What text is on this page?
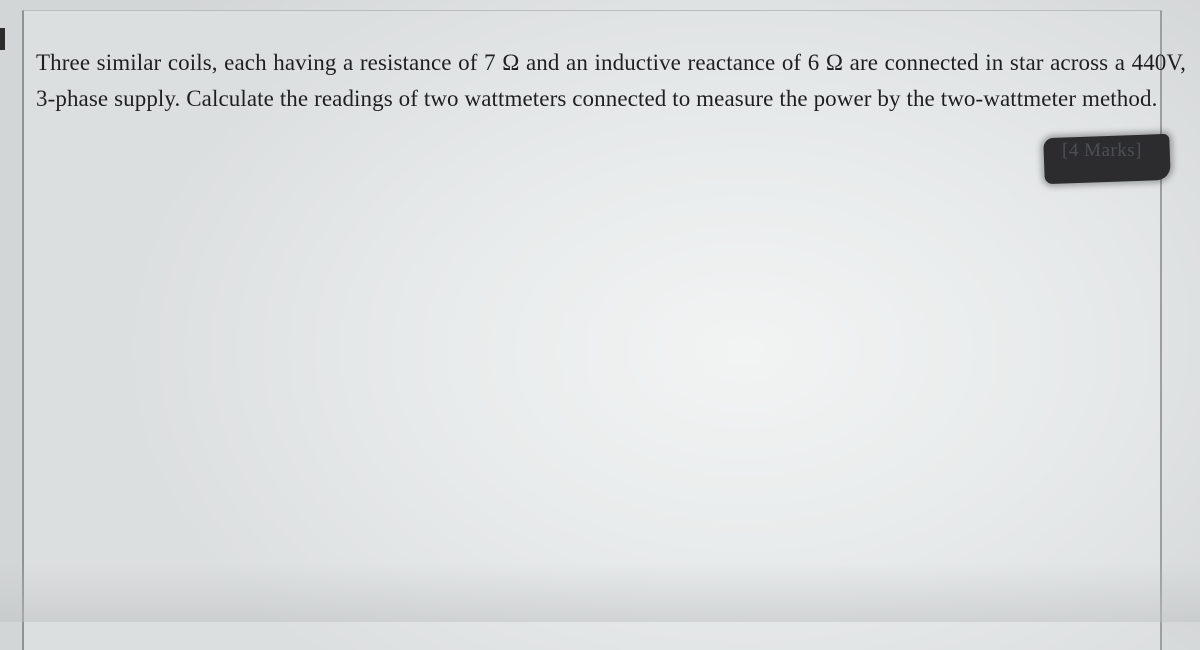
Three similar coils, each having a resistance of 7 Ω and an inductive reactance of 6 Ω are connected in star across a 440V, 3-phase supply. Calculate the readings of two wattmeters connected to measure the power by the two-wattmeter method.

[4 Marks]
